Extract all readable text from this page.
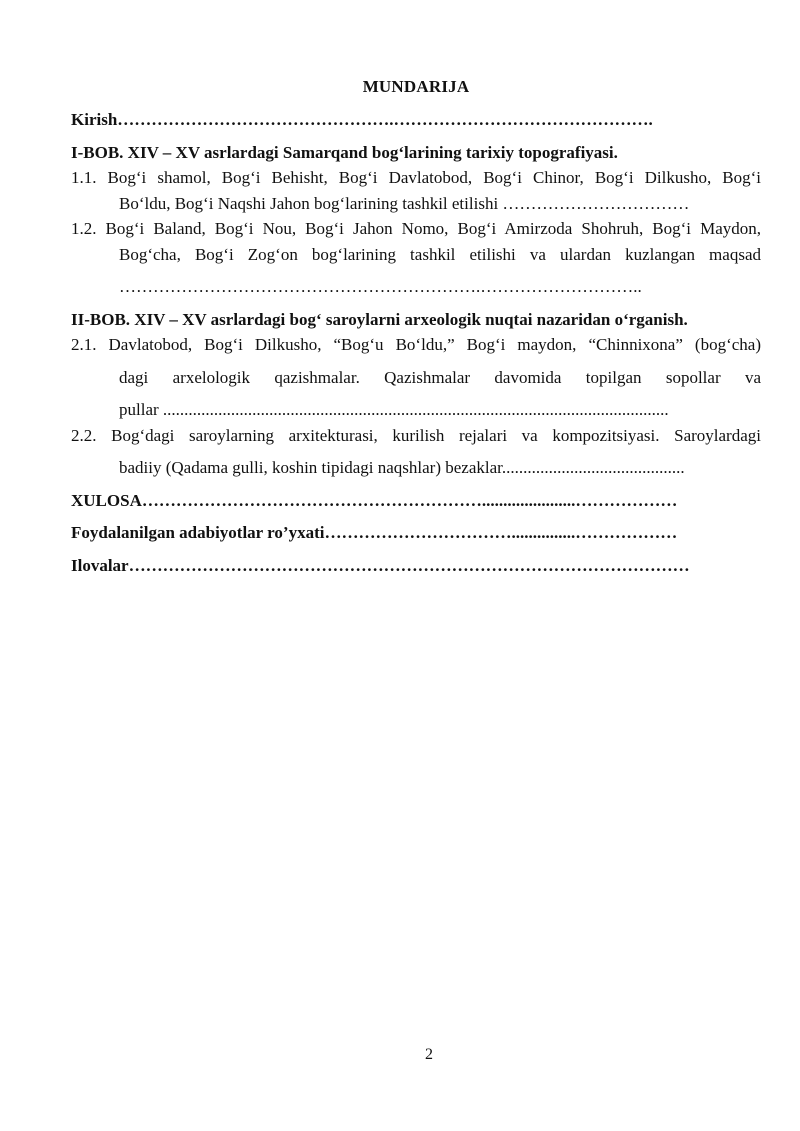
MUNDARIJA

Kirish………………………………………….……………………………………….

I-BOB. XIV – XV asrlardagi Samarqand bog‘larining tarixiy topografiyasi.

1.1. Bog‘i shamol, Bog‘i Behisht, Bog‘i Davlatobod, Bog‘i Chinor, Bog‘i Dilkusho, Bog‘i
Bo‘ldu, Bog‘i Naqshi Jahon bog‘larining tashkil etilishi ……………………………
1.2. Bog‘i Baland, Bog‘i Nou, Bog‘i Jahon Nomo, Bog‘i Amirzoda Shohruh, Bog‘i Maydon,
Bog‘cha, Bog‘i Zog‘on bog‘larining tashkil etilishi va ulardan kuzlangan maqsad
……………………………………………………….………………………..

II-BOB. XIV – XV asrlardagi bog‘ saroylarni arxeologik nuqtai nazaridan o‘rganish.

2.1. Davlatobod, Bog‘i Dilkusho, “Bog‘u Bo‘ldu,” Bog‘i maydon, “Chinnixona” (bog‘cha)
dagi arxelologik qazishmalar. Qazishmalar davomida topilgan sopollar va
pullar .......................................................................................................................
2.2. Bog‘dagi saroylarning arxitekturasi, kurilish rejalari va kompozitsiyasi. Saroylardagi
badiiy (Qadama gulli, koshin tipidagi naqshlar) bezaklar...........................................

XULOSA……………………………………………………......................………………

Foydalanilgan adabiyotlar ro’yxati……………………………...............………………

Ilovalar………………………………………………………………………………………

2
